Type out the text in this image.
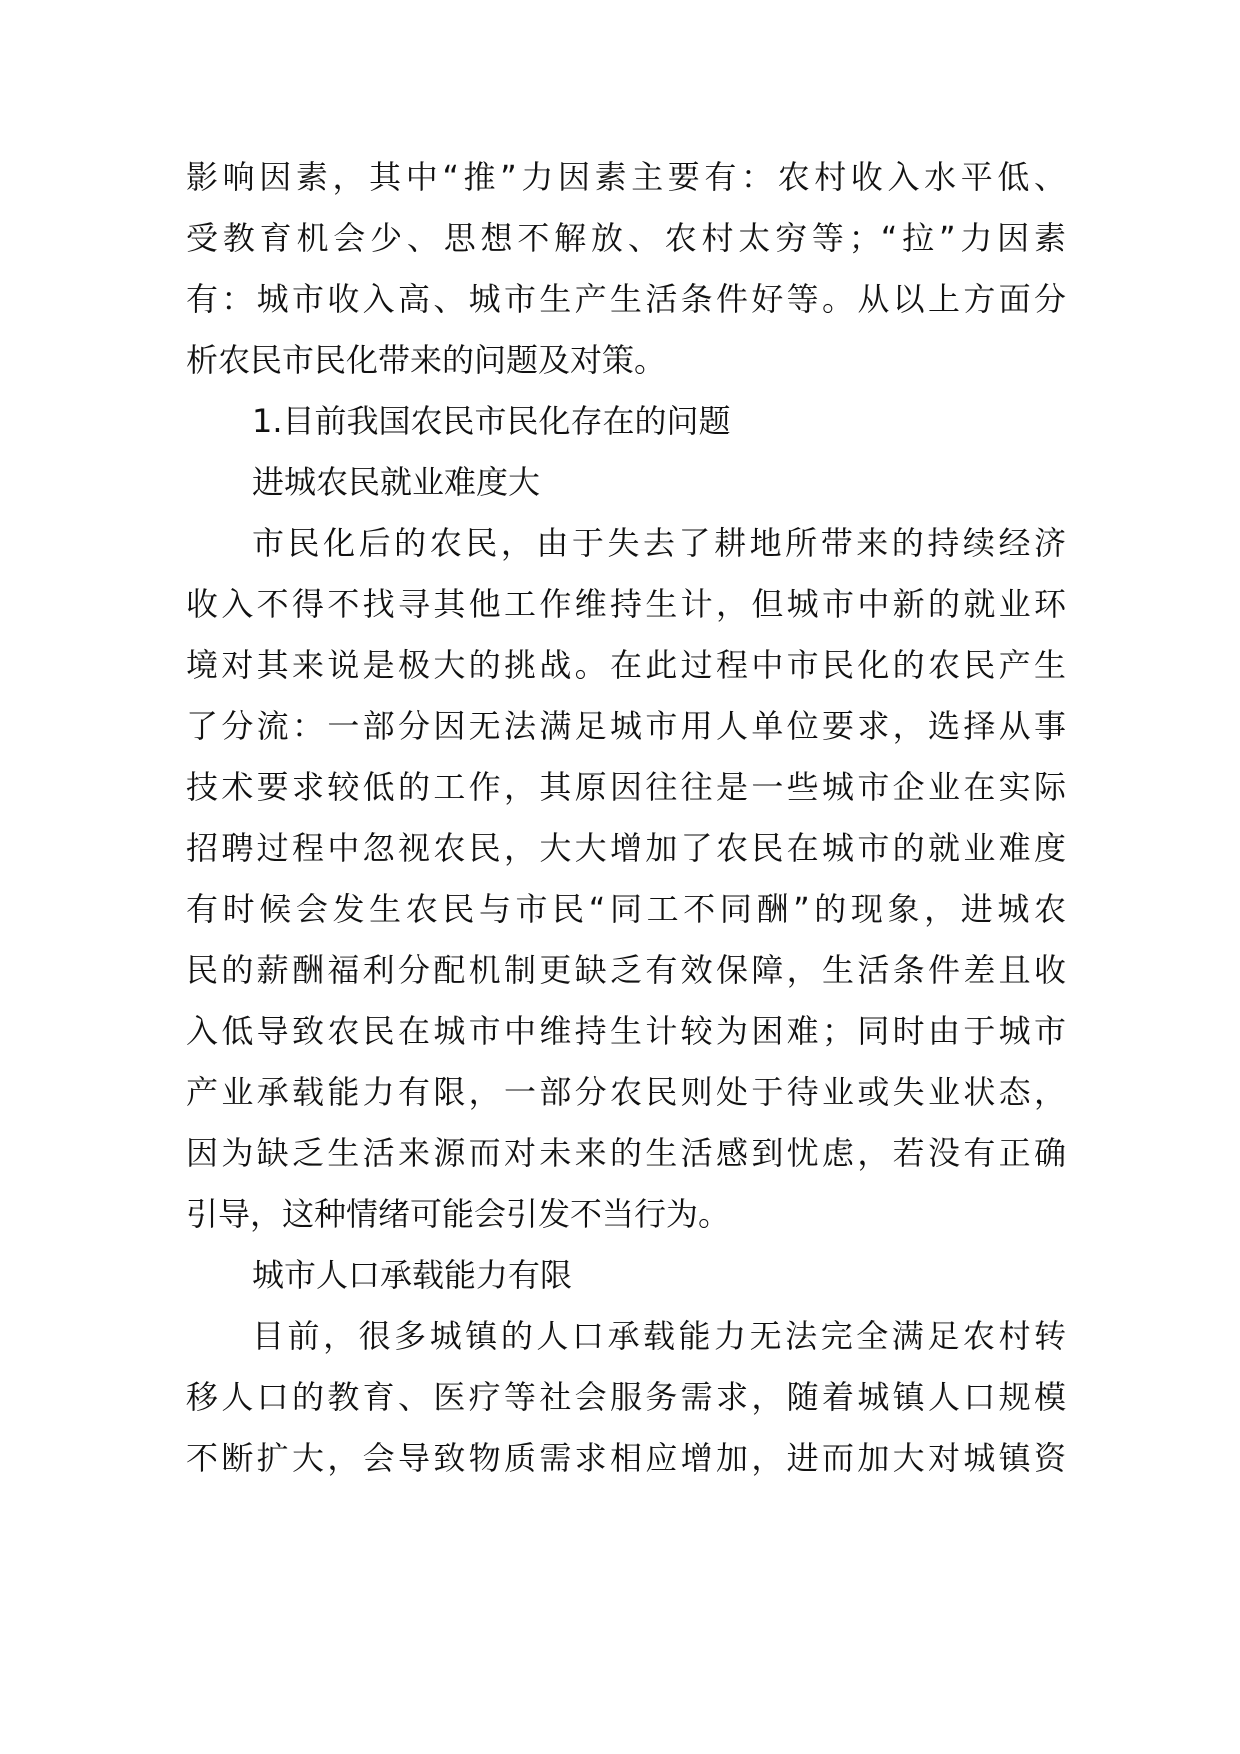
影响因素，其中“推”力因素主要有：农村收入水平低、
受教育机会少、思想不解放、农村太穷等；“拉”力因素
有：城市收入高、城市生产生活条件好等。从以上方面分
析农民市民化带来的问题及对策。
1.目前我国农民市民化存在的问题
进城农民就业难度大
市民化后的农民，由于失去了耕地所带来的持续经济
收入不得不找寻其他工作维持生计，但城市中新的就业环
境对其来说是极大的挑战。在此过程中市民化的农民产生
了分流：一部分因无法满足城市用人单位要求，选择从事
技术要求较低的工作，其原因往往是一些城市企业在实际
招聘过程中忽视农民，大大增加了农民在城市的就业难度
有时候会发生农民与市民“同工不同酬”的现象，进城农
民的薪酬福利分配机制更缺乏有效保障，生活条件差且收
入低导致农民在城市中维持生计较为困难；同时由于城市
产业承载能力有限，一部分农民则处于待业或失业状态，
因为缺乏生活来源而对未来的生活感到忧虑，若没有正确
引导，这种情绪可能会引发不当行为。
城市人口承载能力有限
目前，很多城镇的人口承载能力无法完全满足农村转
移人口的教育、医疗等社会服务需求，随着城镇人口规模
不断扩大，会导致物质需求相应增加，进而加大对城镇资
